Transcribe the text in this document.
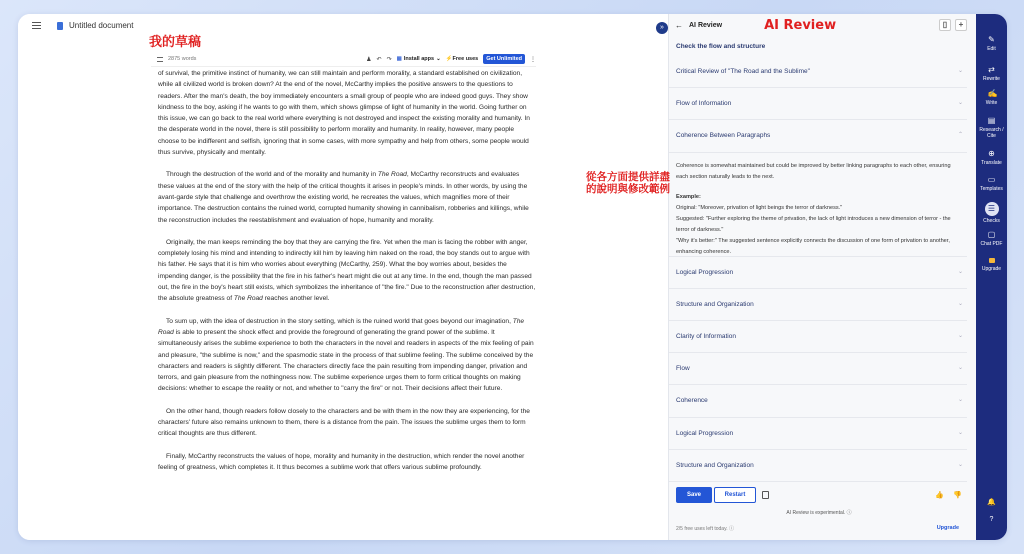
Untitled document
我的草稿
2875 words	♟ ↶ ↷ ▦ Install apps ⌄ ⚡Free uses	Get Unlimited	⋮

of survival, the primitive instinct of humanity, we can still maintain and perform morality, a standard established on civilization, while all civilized world is broken down? At the end of the novel, McCarthy implies the positive answers to the questions to readers. After the man's death, the boy immediately encounters a small group of people who are indeed good guys. They show kindness to the boy, asking if he wants to go with them, which shows glimpse of light of humanity in the world. Going further on this issue, we can go back to the real world where everything is not destroyed and inspect the existing morality and humanity. In the desperate world in the novel, there is still possibility to perform morality and humanity. In reality, however, many people choose to be indifferent and selfish, ignoring that in some cases, with more sympathy and help from others, some people would thus survive, physically and mentally.

Through the destruction of the world and of the morality and humanity in The Road, McCarthy reconstructs and evaluates these values at the end of the story with the help of the critical thoughts it arises in people's minds. In other words, by using the avant-garde style that challenge and overthrow the existing world, he recreates the values, which magnifies more of their importance. The destruction contains the ruined world, corrupted humanity showing in cannibalism, robberies and killings, while the reconstruction includes the reestablishment and evaluation of hope, humanity and morality.

Originally, the man keeps reminding the boy that they are carrying the fire. Yet when the man is facing the robber with anger, completely losing his mind and intending to indirectly kill him by leaving him naked on the road, the boy stands out to argue with his father. He says that it is him who worries about everything (McCarthy, 259). What the boy worries about, besides the impending danger, is the possibility that the fire in his father's heart might die out at any time. In the end, though the man passed out, the fire in the boy's heart still exists, which symbolizes the inheritance of "the fire." Due to the reconstruction after destruction, the absolute greatness of The Road reaches another level.

To sum up, with the idea of destruction in the story setting, which is the ruined world that goes beyond our imagination, The Road is able to present the shock effect and provide the foreground of generating the grand power of the sublime. It simultaneously arises the sublime experience to both the characters in the novel and readers in aspects of the mix feeling of pain and pleasure, "the sublime is now," and the spasmodic state in the process of that sublime feeling. The sublime conceived by the characters and readers is slightly different. The characters directly face the pain resulting from impending danger, privation and terrors, and gain pleasure from the nothingness now. The sublime experience urges them to form critical thoughts on making decisions: whether to escape the reality or not, and whether to "carry the fire" or not. Their decisions affect their future.

On the other hand, though readers follow closely to the characters and be with them in the now they are experiencing, for the characters' future also remains unknown to them, there is a distance from the pain. The issues the sublime urges them to form critical thoughts are thus different.

Finally, McCarthy reconstructs the values of hope, morality and humanity in the destruction, which render the novel another feeling of greatness, which completes it. It thus becomes a sublime work that offers various sublime profoundly.

»	← AI Review	AI Review	▯	+
Check the flow and structure
Critical Review of "The Road and the Sublime"	⌄
Flow of Information	⌄
Coherence Between Paragraphs	⌃
Coherence is somewhat maintained but could be improved by better linking paragraphs to each other, ensuring each section naturally leads to the next.
Example:
Original: "Moreover, privation of light beings the terror of darkness."
Suggested: "Further exploring the theme of privation, the lack of light introduces a new dimension of terror - the terror of darkness."
"Why it's better:" The suggested sentence explicitly connects the discussion of one form of privation to another, enhancing coherence.
Logical Progression	⌄
Structure and Organization	⌄
Clarity of Information	⌄
Flow	⌄
Coherence	⌄
Logical Progression	⌄
Structure and Organization	⌄
Save	Restart	👍 👎
AI Review is experimental. ⓘ
2/5 free uses left today. ⓘ	Upgrade
✎
Edit
⇄
Rewrite
✍
Write
▤
Research /
Cite
⊕
Translate
▭
Templates
☰
Checks
▢
Chat PDF
Upgrade
🔔
?
從各方面提供詳盡
的說明與修改範例
